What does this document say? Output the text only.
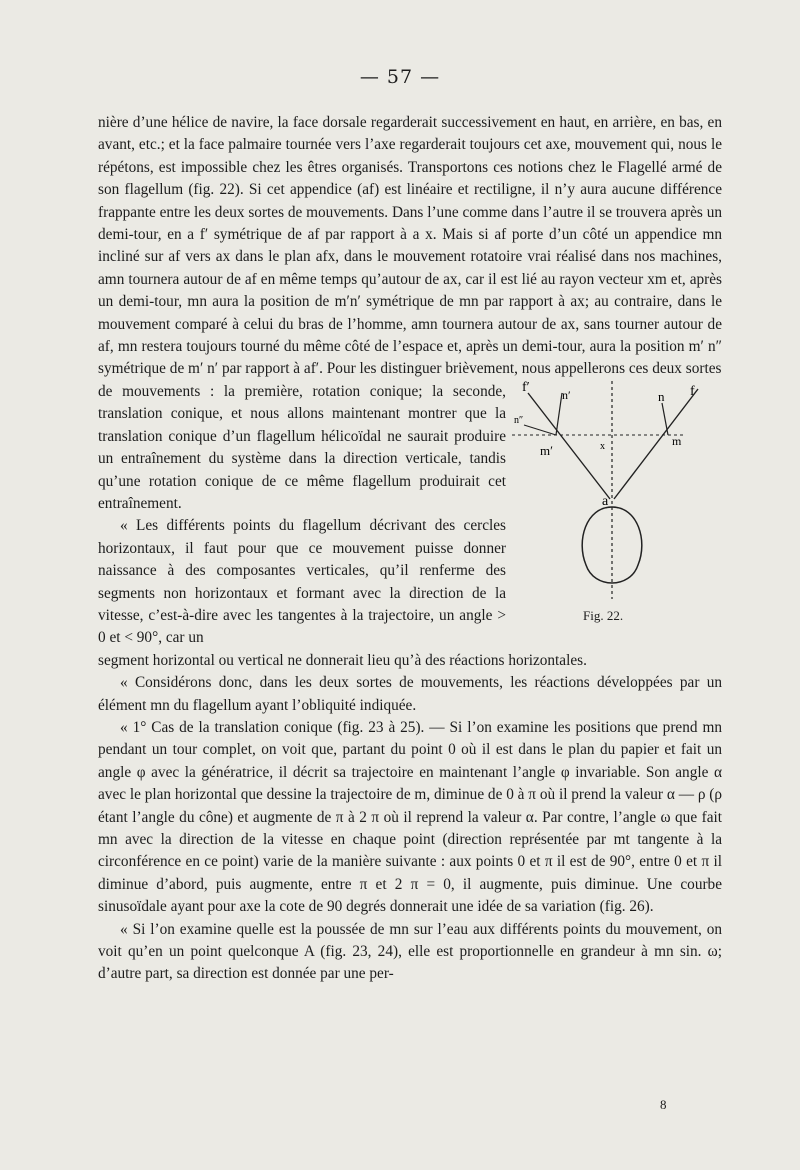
— 57 —

nière d’une hélice de navire, la face dorsale regarderait successivement en haut, en arrière, en bas, en avant, etc.; et la face palmaire tournée vers l’axe regarderait toujours cet axe, mouvement qui, nous le répétons, est impossible chez les êtres organisés. Transportons ces notions chez le Flagellé armé de son flagellum (fig. 22). Si cet appendice (af) est linéaire et rectiligne, il n’y aura aucune différence frappante entre les deux sortes de mouvements. Dans l’une comme dans l’autre il se trouvera après un demi-tour, en a f′ symétrique de af par rapport à a x. Mais si af porte d’un côté un appendice mn incliné sur af vers ax dans le plan afx, dans le mouvement rotatoire vrai réalisé dans nos machines, amn tournera autour de af en même temps qu’autour de ax, car il est lié au rayon vecteur xm et, après un demi-tour, mn aura la position de m′n′ symétrique de mn par rapport à ax; au contraire, dans le mouvement comparé à celui du bras de l’homme, amn tournera autour de ax, sans tourner autour de af, mn restera toujours tourné du même côté de l’espace et, après un demi-tour, aura la position m′ n″ symétrique de m′ n′ par rapport à af′. Pour les distinguer brièvement, nous appellerons ces deux sortes

de mouvements : la première, rotation conique; la seconde, translation conique, et nous allons maintenant montrer que la translation conique d’un flagellum hélicoïdal ne saurait produire un entraînement du système dans la direction verticale, tandis qu’une rotation conique de ce même flagellum produirait cet entraînement.

« Les différents points du flagellum décrivant des cercles horizontaux, il faut pour que ce mouvement puisse donner naissance à des composantes verticales, qu’il renferme des segments non horizontaux et formant avec la direction de la vitesse, c’est-à-dire avec les tangentes à la trajectoire, un angle > 0 et < 90°, car un

f′	n′
n″
m′	x
a
n f
m
Fig. 22.

segment horizontal ou vertical ne donnerait lieu qu’à des réactions horizontales.

« Considérons donc, dans les deux sortes de mouvements, les réactions développées par un élément mn du flagellum ayant l’obliquité indiquée.

« 1° Cas de la translation conique (fig. 23 à 25). — Si l’on examine les positions que prend mn pendant un tour complet, on voit que, partant du point 0 où il est dans le plan du papier et fait un angle φ avec la génératrice, il décrit sa trajectoire en maintenant l’angle φ invariable. Son angle α avec le plan horizontal que dessine la trajectoire de m, diminue de 0 à π où il prend la valeur α — ρ (ρ étant l’angle du cône) et augmente de π à 2 π où il reprend la valeur α. Par contre, l’angle ω que fait mn avec la direction de la vitesse en chaque point (direction représentée par mt tangente à la circonférence en ce point) varie de la manière suivante : aux points 0 et π il est de 90°, entre 0 et π il diminue d’abord, puis augmente, entre π et 2 π = 0, il augmente, puis diminue. Une courbe sinusoïdale ayant pour axe la cote de 90 degrés donnerait une idée de sa variation (fig. 26).

« Si l’on examine quelle est la poussée de mn sur l’eau aux différents points du mouvement, on voit qu’en un point quelconque A (fig. 23, 24), elle est proportionnelle en grandeur à mn sin. ω; d’autre part, sa direction est donnée par une per-

8
